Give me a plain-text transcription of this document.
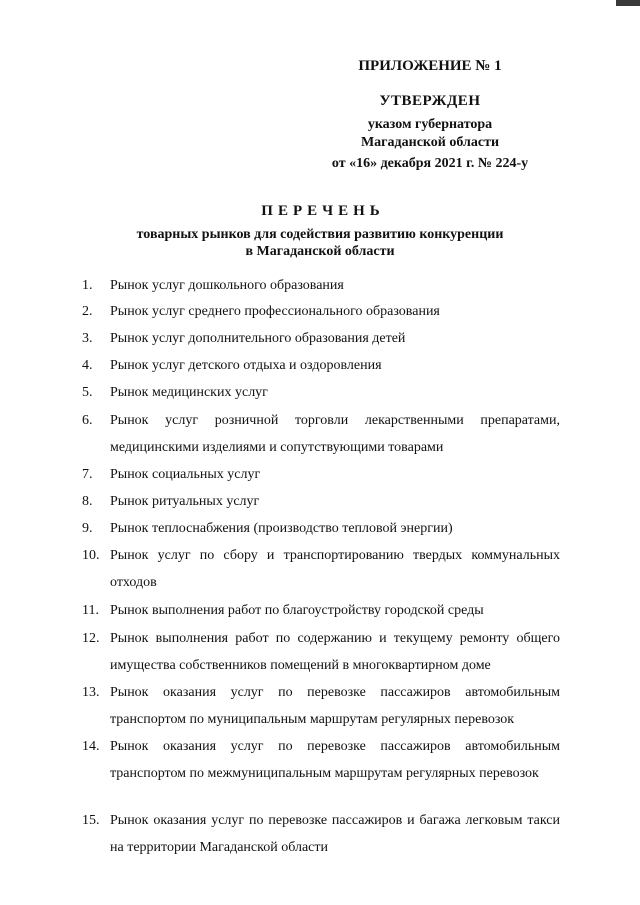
ПРИЛОЖЕНИЕ № 1
УТВЕРЖДЕН
указом губернатора
Магаданской области
от «16» декабря 2021 г. № 224-у
ПЕРЕЧЕНЬ
товарных рынков для содействия развитию конкуренции
в Магаданской области
1. Рынок услуг дошкольного образования
2. Рынок услуг среднего профессионального образования
3. Рынок услуг дополнительного образования детей
4. Рынок услуг детского отдыха и оздоровления
5. Рынок медицинских услуг
6. Рынок услуг розничной торговли лекарственными препаратами, медицинскими изделиями и сопутствующими товарами
7. Рынок социальных услуг
8. Рынок ритуальных услуг
9. Рынок теплоснабжения (производство тепловой энергии)
10. Рынок услуг по сбору и транспортированию твердых коммунальных отходов
11. Рынок выполнения работ по благоустройству городской среды
12. Рынок выполнения работ по содержанию и текущему ремонту общего имущества собственников помещений в многоквартирном доме
13. Рынок оказания услуг по перевозке пассажиров автомобильным транспортом по муниципальным маршрутам регулярных перевозок
14. Рынок оказания услуг по перевозке пассажиров автомобильным транспортом по межмуниципальным маршрутам регулярных перевозок
15. Рынок оказания услуг по перевозке пассажиров и багажа легковым такси на территории Магаданской области
